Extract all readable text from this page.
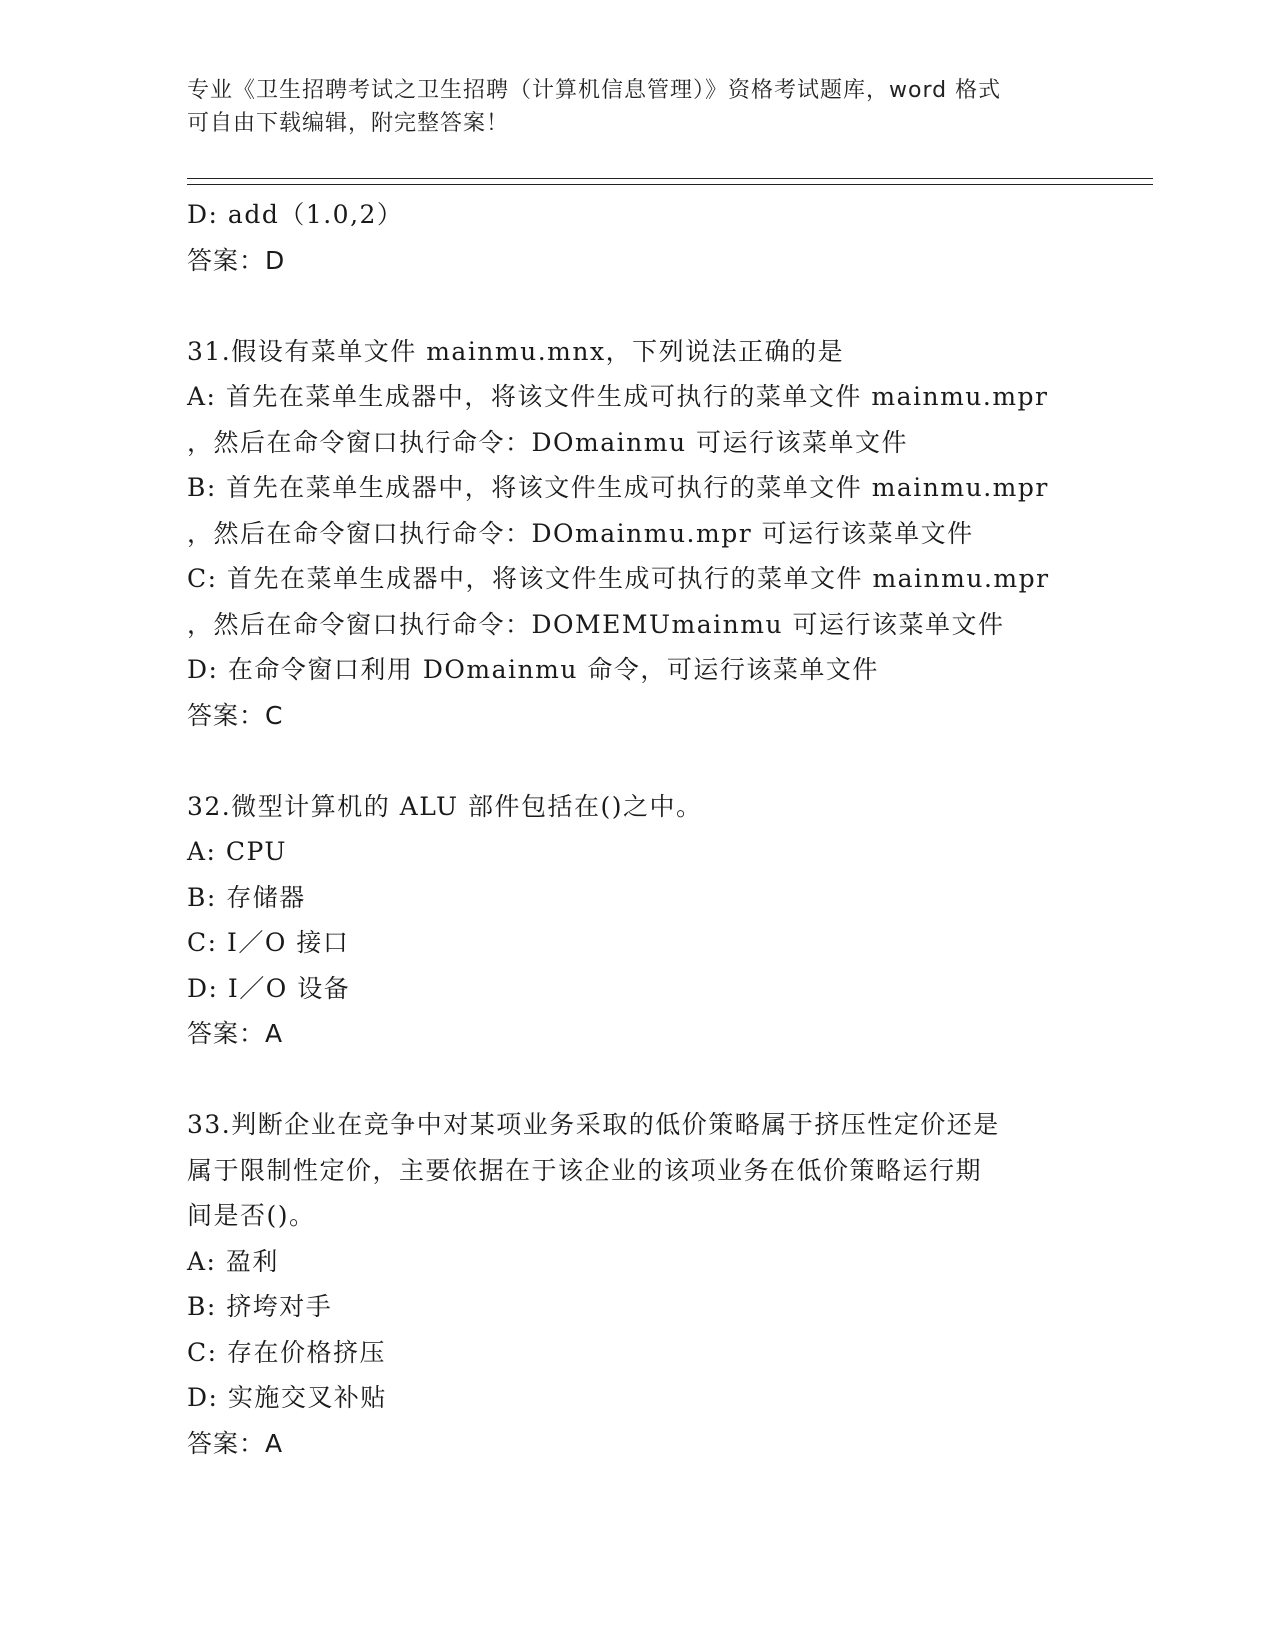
专业《卫生招聘考试之卫生招聘（计算机信息管理）》资格考试题库，word 格式
可自由下载编辑，附完整答案！
D: add（1.0,2）
答案：D
31.假设有菜单文件 mainmu.mnx，下列说法正确的是
A: 首先在菜单生成器中，将该文件生成可执行的菜单文件 mainmu.mpr
，然后在命令窗口执行命令：DOmainmu 可运行该菜单文件
B: 首先在菜单生成器中，将该文件生成可执行的菜单文件 mainmu.mpr
，然后在命令窗口执行命令：DOmainmu.mpr 可运行该菜单文件
C: 首先在菜单生成器中，将该文件生成可执行的菜单文件 mainmu.mpr
，然后在命令窗口执行命令：DOMEMUmainmu 可运行该菜单文件
D: 在命令窗口利用 DOmainmu 命令，可运行该菜单文件
答案：C
32.微型计算机的 ALU 部件包括在()之中。
A: CPU
B: 存储器
C: I／O 接口
D: I／O 设备
答案：A
33.判断企业在竞争中对某项业务采取的低价策略属于挤压性定价还是
属于限制性定价，主要依据在于该企业的该项业务在低价策略运行期
间是否()。
A: 盈利
B: 挤垮对手
C: 存在价格挤压
D: 实施交叉补贴
答案：A
